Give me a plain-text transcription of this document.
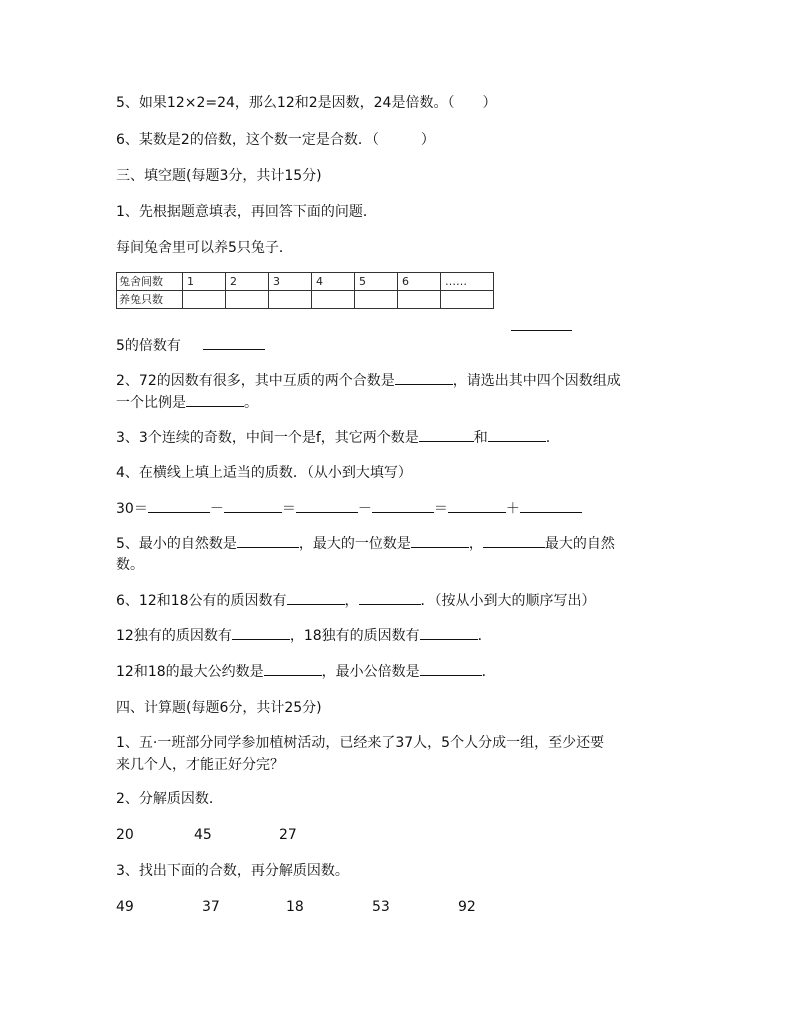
5、如果12×2=24，那么12和2是因数，24是倍数。（　　）
6、某数是2的倍数，这个数一定是合数．（　　　）
三、填空题(每题3分，共计15分)
1、先根据题意填表，再回答下面的问题．
每间兔舍里可以养5只兔子．
兔舍间数	1	2	3	4	5	6	……
养兔只数							
5的倍数有
2、72的因数有很多，其中互质的两个合数是	，请选出其中四个因数组成
一个比例是	。
3、3个连续的奇数，中间一个是f，其它两个数是	和	.
4、在横线上填上适当的质数．（从小到大填写）
30＝	－	＝	－	＝	＋
5、最小的自然数是	，最大的一位数是	，	最大的自然
数。
6、12和18公有的质因数有	，	．（按从小到大的顺序写出）
12独有的质因数有	，18独有的质因数有	．
12和18的最大公约数是	，最小公倍数是	．
四、计算题(每题6分，共计25分)
1、五·一班部分同学参加植树活动，已经来了37人，5个人分成一组，至少还要
来几个人，才能正好分完？
2、分解质因数．
20	45	27
3、找出下面的合数，再分解质因数。
49	37	18	53	92
